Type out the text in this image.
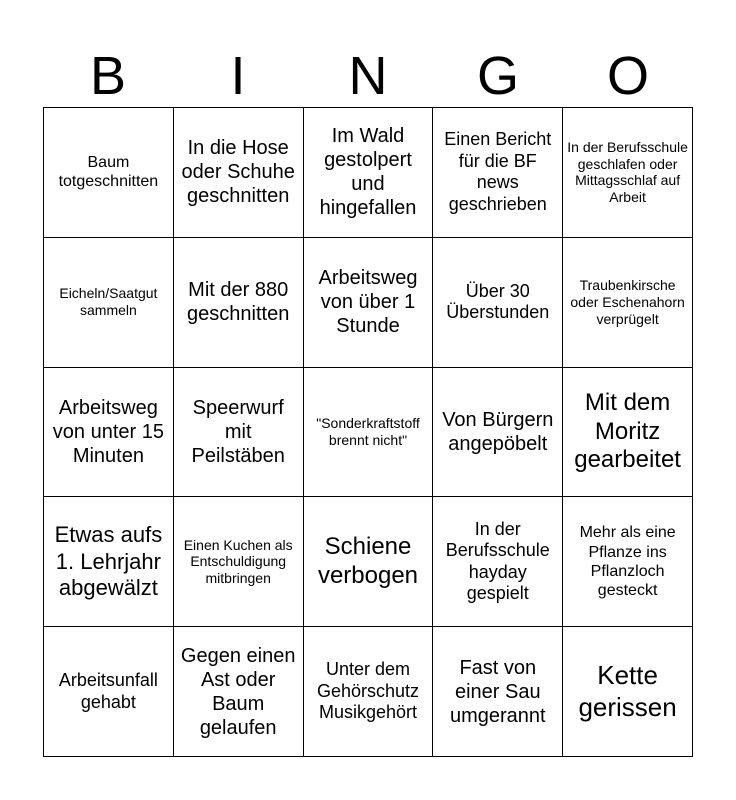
B	I	N	G	O
Baum totgeschnitten
In die Hose oder Schuhe geschnitten
Im Wald gestolpert und hingefallen
Einen Bericht für die BF news geschrieben
In der Berufsschule geschlafen oder Mittagsschlaf auf Arbeit
Eicheln/Saatgut sammeln
Mit der 880 geschnitten
Arbeitsweg von über 1 Stunde
Über 30 Überstunden
Traubenkirsche oder Eschenahorn verprügelt
Arbeitsweg von unter 15 Minuten
Speerwurf mit Peilstäben
"Sonderkraftstoff brennt nicht"
Von Bürgern angepöbelt
Mit dem Moritz gearbeitet
Etwas aufs 1. Lehrjahr abgewälzt
Einen Kuchen als Entschuldigung mitbringen
Schiene verbogen
In der Berufsschule hayday gespielt
Mehr als eine Pflanze ins Pflanzloch gesteckt
Arbeitsunfall gehabt
Gegen einen Ast oder Baum gelaufen
Unter dem Gehörschutz Musikgehört
Fast von einer Sau umgerannt
Kette gerissen
